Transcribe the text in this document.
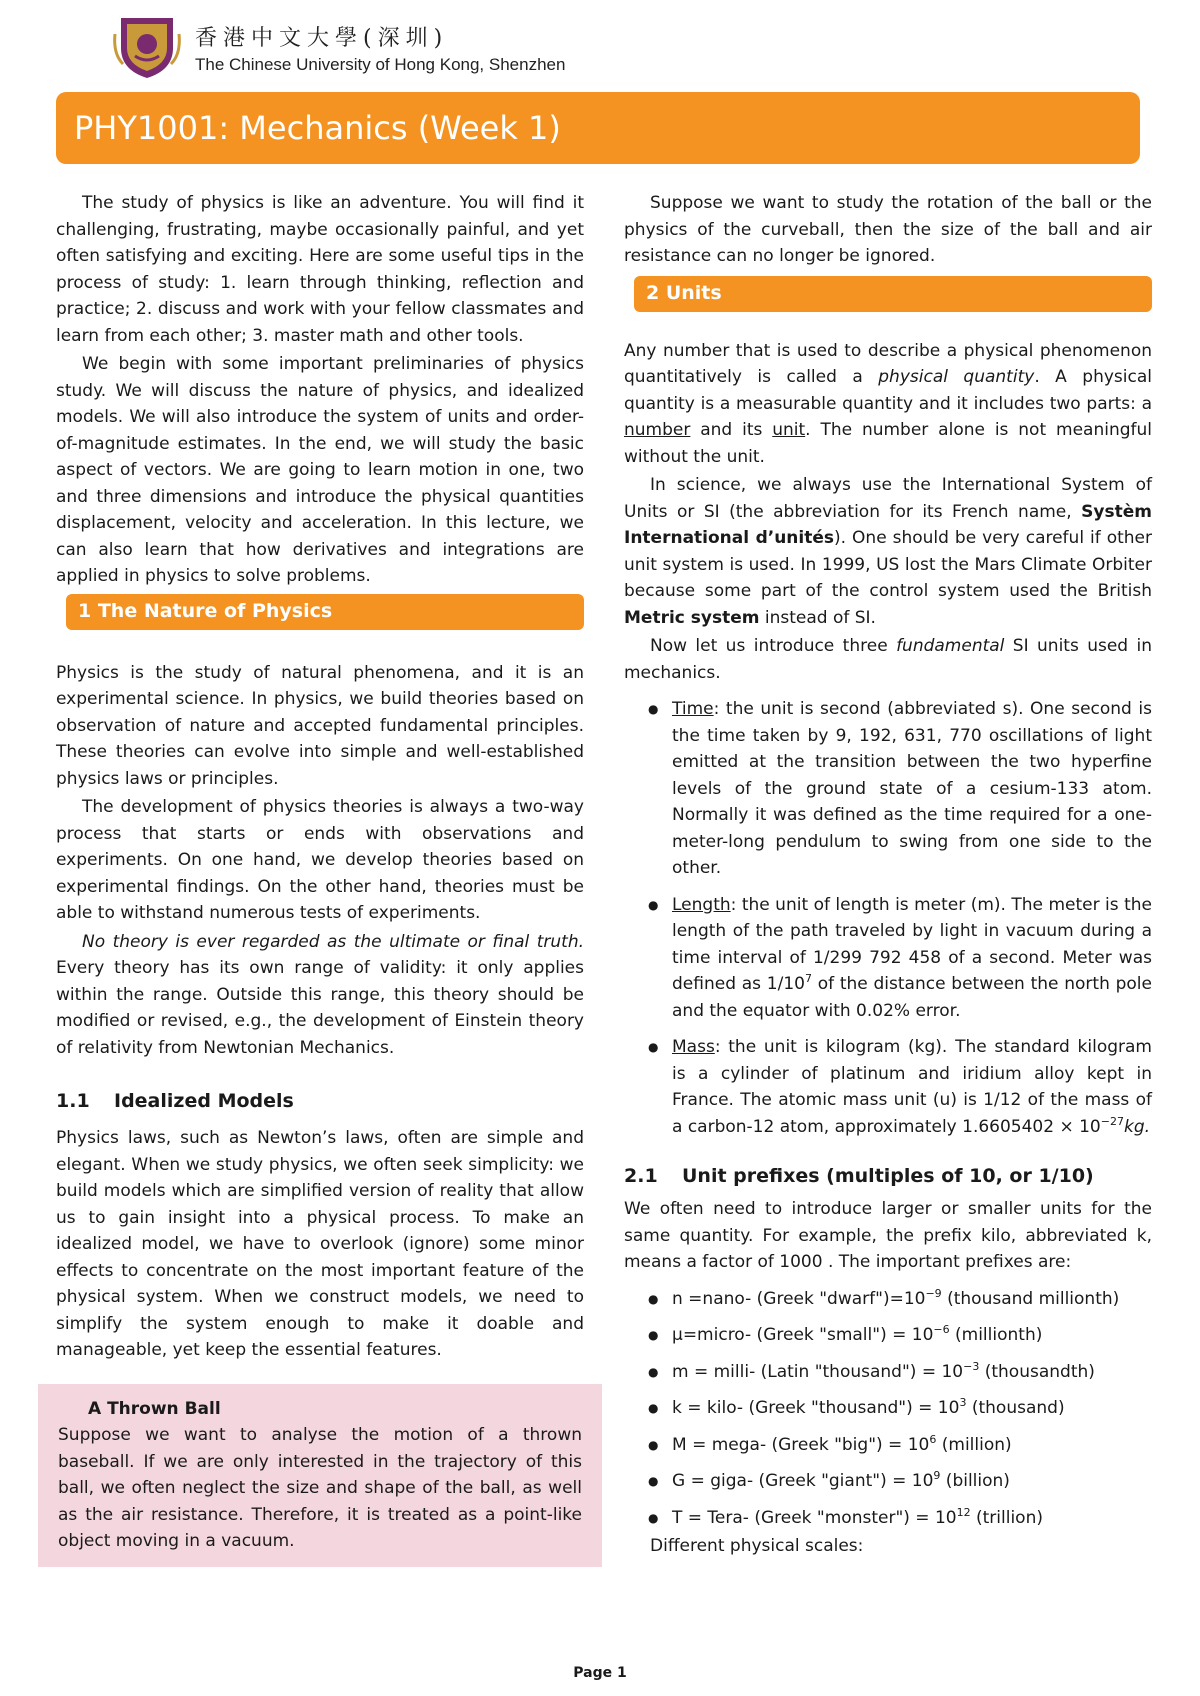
香港中文大學(深圳)
The Chinese University of Hong Kong, Shenzhen
PHY1001: Mechanics (Week 1)

The study of physics is like an adventure. You will find it challenging, frustrating, maybe occasionally painful, and yet often satisfying and exciting. Here are some useful tips in the process of study: 1. learn through thinking, reflection and practice; 2. discuss and work with your fellow classmates and learn from each other; 3. master math and other tools.

We begin with some important preliminaries of physics study. We will discuss the nature of physics, and idealized models. We will also introduce the system of units and order-of-magnitude estimates. In the end, we will study the basic aspect of vectors. We are going to learn motion in one, two and three dimensions and introduce the physical quantities displacement, velocity and acceleration. In this lecture, we can also learn that how derivatives and integrations are applied in physics to solve problems.

1 The Nature of Physics

Physics is the study of natural phenomena, and it is an experimental science. In physics, we build theories based on observation of nature and accepted fundamental principles. These theories can evolve into simple and well-established physics laws or principles.

The development of physics theories is always a two-way process that starts or ends with observations and experiments. On one hand, we develop theories based on experimental findings. On the other hand, theories must be able to withstand numerous tests of experiments.

No theory is ever regarded as the ultimate or final truth. Every theory has its own range of validity: it only applies within the range. Outside this range, this theory should be modified or revised, e.g., the development of Einstein theory of relativity from Newtonian Mechanics.

1.1 Idealized Models

Physics laws, such as Newton’s laws, often are simple and elegant. When we study physics, we often seek simplicity: we build models which are simplified version of reality that allow us to gain insight into a physical process. To make an idealized model, we have to overlook (ignore) some minor effects to concentrate on the most important feature of the physical system. When we construct models, we need to simplify the system enough to make it doable and manageable, yet keep the essential features.

A Thrown Ball

Suppose we want to analyse the motion of a thrown baseball. If we are only interested in the trajectory of this ball, we often neglect the size and shape of the ball, as well as the air resistance. Therefore, it is treated as a point-like object moving in a vacuum.

Suppose we want to study the rotation of the ball or the physics of the curveball, then the size of the ball and air resistance can no longer be ignored.

2 Units

Any number that is used to describe a physical phenomenon quantitatively is called a physical quantity. A physical quantity is a measurable quantity and it includes two parts: a number and its unit. The number alone is not meaningful without the unit.

In science, we always use the International System of Units or SI (the abbreviation for its French name, Systèm International d’unités). One should be very careful if other unit system is used. In 1999, US lost the Mars Climate Orbiter because some part of the control system used the British Metric system instead of SI.

Now let us introduce three fundamental SI units used in mechanics.

● Time: the unit is second (abbreviated s). One second is the time taken by 9, 192, 631, 770 oscillations of light emitted at the transition between the two hyperfine levels of the ground state of a cesium-133 atom. Normally it was defined as the time required for a one-meter-long pendulum to swing from one side to the other.
● Length: the unit of length is meter (m). The meter is the length of the path traveled by light in vacuum during a time interval of 1/299 792 458 of a second. Meter was defined as $1/10^7$ of the distance between the north pole and the equator with 0.02% error.
● Mass: the unit is kilogram (kg). The standard kilogram is a cylinder of platinum and iridium alloy kept in France. The atomic mass unit (u) is 1/12 of the mass of a carbon-12 atom, approximately $1.6605402 \times 10^{-27}kg$.

2.1 Unit prefixes (multiples of 10, or 1/10)

We often need to introduce larger or smaller units for the same quantity. For example, the prefix kilo, abbreviated k, means a factor of 1000 . The important prefixes are:

● n =nano- (Greek "$dwarf")=10^{-9}$ (thousand millionth)
● μ=micro- (Greek "small") = $10^{-6}$ (millionth)
● m = milli- (Latin "thousand") = $10^{-3}$ (thousandth)
● k = kilo- (Greek "thousand") = $10^3$ (thousand)
● M = mega- (Greek "big") = $10^6$ (million)
● G = giga- (Greek "giant") = $10^9$ (billion)
● T = Tera- (Greek "monster") = $10^{12}$ (trillion)

Different physical scales:

Page 1
